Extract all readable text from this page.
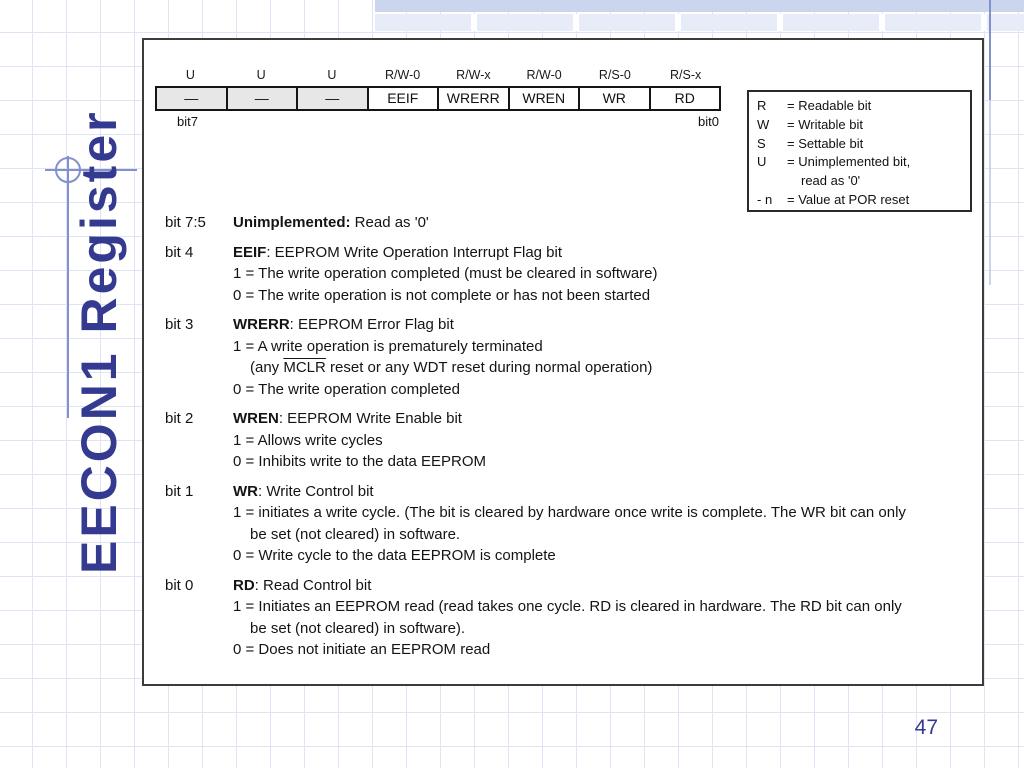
EECON1 Register
U	U	U	R/W-0	R/W-x	R/W-0	R/S-0	R/S-x
—	—	—	EEIF	WRERR	WREN	WR	RD
bit7	bit0
R	= Readable bit
W	= Writable bit
S	= Settable bit
U	= Unimplemented bit,
read as '0'
- n	= Value at POR reset
bit 7:5	Unimplemented: Read as '0'
bit 4	EEIF: EEPROM Write Operation Interrupt Flag bit
1 = The write operation completed (must be cleared in software)
0 = The write operation is not complete or has not been started
bit 3	WRERR: EEPROM Error Flag bit
1 = A write operation is prematurely terminated
(any MCLR reset or any WDT reset during normal operation)
0 = The write operation completed
bit 2	WREN: EEPROM Write Enable bit
1 = Allows write cycles
0 = Inhibits write to the data EEPROM
bit 1	WR: Write Control bit
1 = initiates a write cycle. (The bit is cleared by hardware once write is complete. The WR bit can only
be set (not cleared) in software.
0 = Write cycle to the data EEPROM is complete
bit 0	RD: Read Control bit
1 = Initiates an EEPROM read (read takes one cycle. RD is cleared in hardware. The RD bit can only
be set (not cleared) in software).
0 = Does not initiate an EEPROM read
47
